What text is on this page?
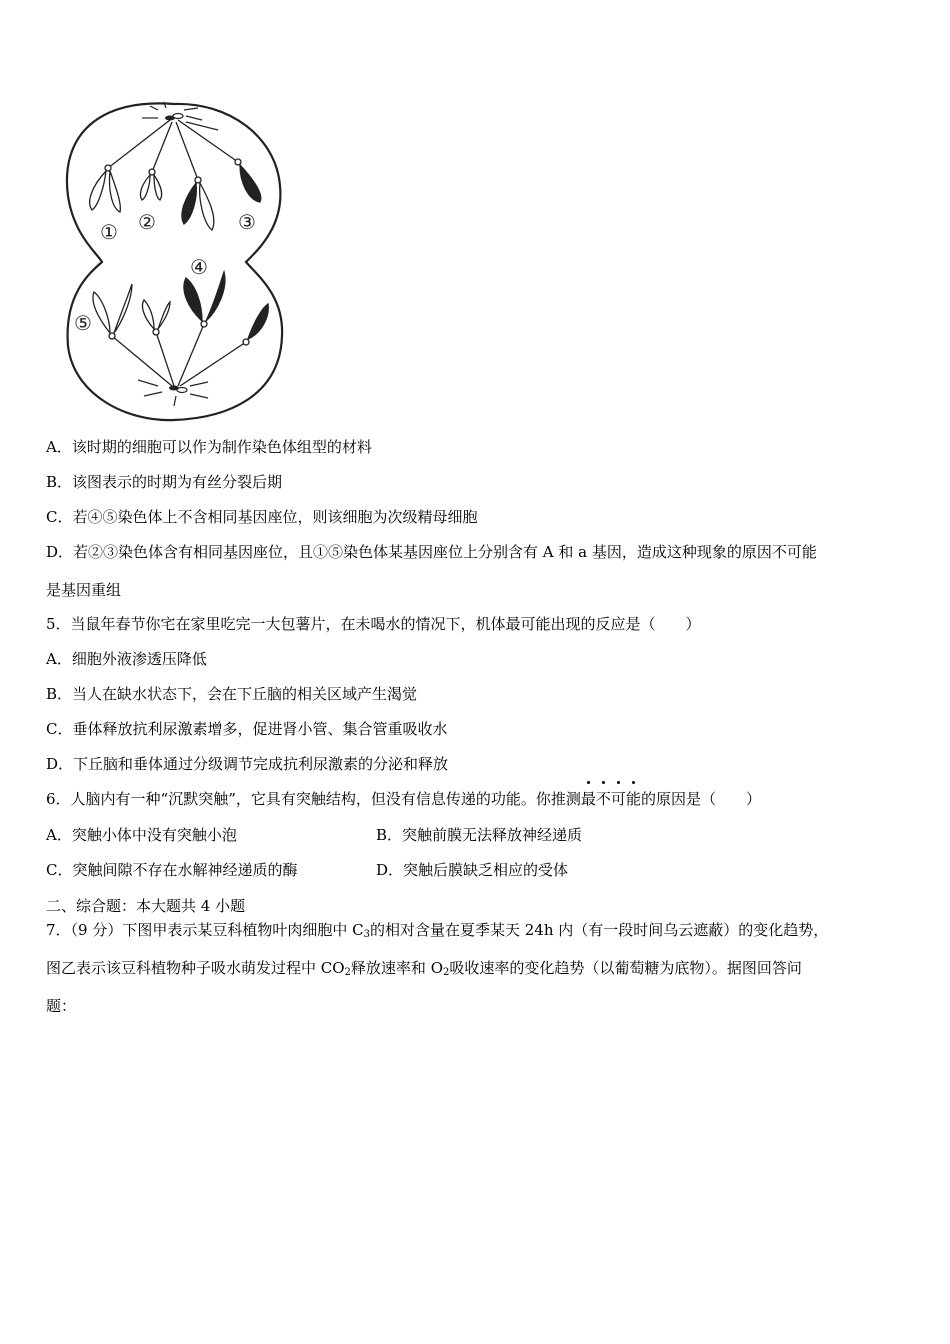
① ②	③
④
⑤
A．该时期的细胞可以作为制作染色体组型的材料
B．该图表示的时期为有丝分裂后期
C．若④⑤染色体上不含相同基因座位，则该细胞为次级精母细胞
D．若②③染色体含有相同基因座位，且①⑤染色体某基因座位上分别含有 A 和 a 基因，造成这种现象的原因不可能
是基因重组
5．当鼠年春节你宅在家里吃完一大包薯片，在未喝水的情况下，机体最可能出现的反应是（　　）
A．细胞外液渗透压降低
B．当人在缺水状态下，会在下丘脑的相关区域产生渴觉
C．垂体释放抗利尿激素增多，促进肾小管、集合管重吸收水
D．下丘脑和垂体通过分级调节完成抗利尿激素的分泌和释放
6．人脑内有一种“沉默突触”，它具有突触结构，但没有信息传递的功能。你推测最不可能的原因是（　　）
A．突触小体中没有突触小泡	B．突触前膜无法释放神经递质
C．突触间隙不存在水解神经递质的酶	D．突触后膜缺乏相应的受体
二、综合题：本大题共 4 小题
7．（9 分）下图甲表示某豆科植物叶肉细胞中 $C_3$的相对含量在夏季某天 24h 内（有一段时间乌云遮蔽）的变化趋势，
图乙表示该豆科植物种子吸水萌发过程中 $CO_2$释放速率和 $O_2$吸收速率的变化趋势（以葡萄糖为底物）。据图回答问
题：
